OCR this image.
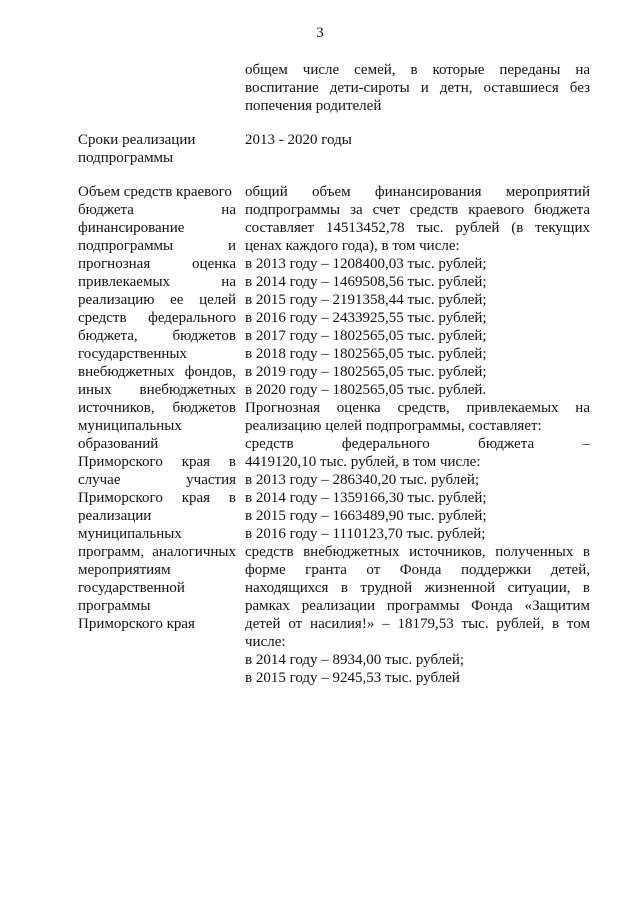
3
общем числе семей, в которые переданы на
воспитание дети-сироты и детн, оставшиеся без
попечения родителей
Сроки реализации
подпрограммы
2013 - 2020 годы
Объем средств краевого
бюджета на
финансирование
подпрограммы и
прогнозная оценка
привлекаемых на
реализацию ее целей
средств федерального
бюджета, бюджетов
государственных
внебюджетных фондов,
иных внебюджетных
источников, бюджетов
муниципальных
образований
Приморского края в
случае участия
Приморского края в
реализации
муниципальных
программ, аналогичных
мероприятиям
государственной
программы
Приморского края
общий объем финансирования мероприятий
подпрограммы за счет средств краевого бюджета
составляет 14513452,78 тыс. рублей (в текущих
ценах каждого года), в том числе:
в 2013 году – 1208400,03 тыс. рублей;
в 2014 году – 1469508,56 тыс. рублей;
в 2015 году – 2191358,44 тыс. рублей;
в 2016 году – 2433925,55 тыс. рублей;
в 2017 году – 1802565,05 тыс. рублей;
в 2018 году – 1802565,05 тыс. рублей;
в 2019 году – 1802565,05 тыс. рублей;
в 2020 году – 1802565,05 тыс. рублей.
Прогнозная оценка средств, привлекаемых на
реализацию целей подпрограммы, составляет:
средств федерального бюджета –
4419120,10 тыс. рублей, в том числе:
в 2013 году – 286340,20 тыс. рублей;
в 2014 году – 1359166,30 тыс. рублей;
в 2015 году – 1663489,90 тыс. рублей;
в 2016 году – 1110123,70 тыс. рублей;
средств внебюджетных источников, полученных в
форме гранта от Фонда поддержки детей,
находящихся в трудной жизненной ситуации, в
рамках реализации программы Фонда «Защитим
детей от насилия!» – 18179,53 тыс. рублей, в том
числе:
в 2014 году – 8934,00 тыс. рублей;
в 2015 году – 9245,53 тыс. рублей
